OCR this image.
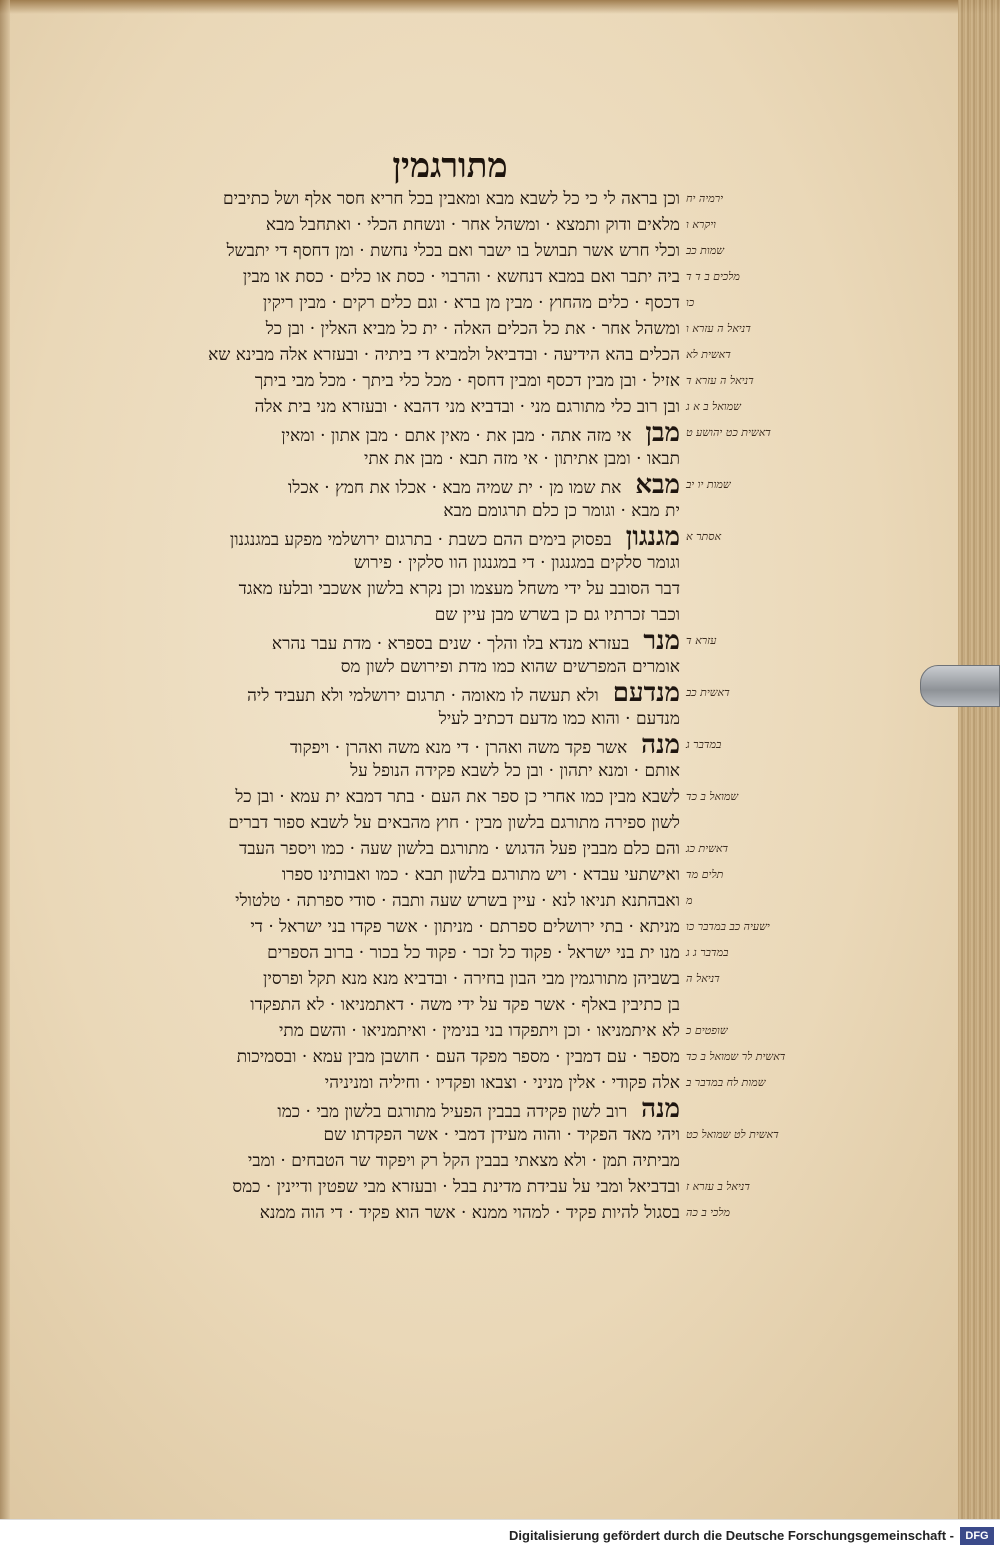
מתורגמין
וכן בראה לי כי כל לשבא מבא ומאבין בכל חריא חסר אלף ושל כתיבים
מלאים ודוק ותמצא · ומשהל אחר · ונשחת הכלי · ואתחבל מבא
וכלי חרש אשר תבושל בו ישבר ואם בכלי נחשת · ומן דחסף די יתבשל
ביה יתבר ואם במבא דנחשא · והרבוי · כסת או כלים · כסת או מבין
דכסף · כלים מהחוץ · מבין מן ברא · וגם כלים רקים · מבין ריקין
ומשהל אחר · את כל הכלים האלה · ית כל מביא האלין · ובן כל
הכלים בהא הידיעה · ובדביאל ולמביא די ביתיה · ובעזרא אלה מבינא שא
אזיל · ובן מבין דכסף ומבין דחסף · מכל כלי ביתך · מכל מבי ביתך
ובן רוב כלי מתורגם מני · ובדביא מני דהבא · ובעזרא מני בית אלה
מבןאי מזה אתה · מבן את · מאין אתם · מבן אתון · ומאין
תבאו · ומבן אתיתון · אי מזה תבא · מבן את אתי
מבאאת שמו מן · ית שמיה מבא · אכלו את חמץ · אכלו
ית מבא · וגומר כן כלם תרגומם מבא
מגנגוןבפסוק בימים ההם כשבת · בתרגום ירושלמי מפקע במגנגנון
וגומר סלקים במגנגון · די במגנגון הוו סלקין · פירוש
דבר הסובב על ידי משחל מעצמו וכן נקרא בלשון אשכבי ובלעז מאגד
וכבר זכרתיו גם כן בשרש מבן עיין שם
מנרבעזרא מנדא בלו והלך · שנים בספרא · מדת עבר נהרא
אומרים המפרשים שהוא כמו מדת ופירושם לשון מס
מנדעםולא תעשה לו מאומה · תרגום ירושלמי ולא תעביד ליה
מנדעם · והוא כמו מדעם דכתיב לעיל
מנהאשר פקד משה ואהרן · די מנא משה ואהרן · ויפקוד
אותם · ומנא יתהון · ובן כל לשבא פקידה הנופל על
לשבא מבין כמו אחרי כן ספר את העם · בתר דמבא ית עמא · ובן כל
לשון ספירה מתורגם בלשון מבין · חוץ מהבאים על לשבא ספור דברים
והם כלם מבבין פעל הדגוש · מתורגם בלשון שעה · כמו ויספר העבד
ואישתעי עבדא · ויש מתורגם בלשון תבא · כמו ואבותינו ספרו
ואבהתנא תניאו לנא · עיין בשרש שעה ותבה · סודי ספרתה · טלטולי
מניתא · בתי ירושלים ספרתם · מניתון · אשר פקדו בני ישראל · די
מנו ית בני ישראל · פקוד כל זכר · פקוד כל בכור · ברוב הספרים
בשביהן מתורגמין מבי הבון בחירה · ובדביא מנא מנא תקל ופרסין
בן כתיבין באלף · אשר פקד על ידי משה · דאתמניאו · לא התפקדו
לא איתמניאו · וכן ויתפקדו בני בנימין · ואיתמניאו · והשם מתי
מספר · עם דמבין · מספר מפקד העם · חושבן מבין עמא · ובסמיכות
אלה פקודי · אלין מניני · וצבאו ופקדיו · וחיליה ומניניהי
מנהרוב לשון פקידה בבבין הפעיל מתורגם בלשון מבי · כמו
ויהי מאד הפקיד · והוה מעידן דמבי · אשר הפקדתו שם
מביתיה תמן · ולא מצאתי בבבין הקל רק ויפקוד שר הטבחים · ומבי
ובדביאל ומבי על עבידת מדינת בבל · ובעזרא מבי שפטין ודיינין · כמס
בסגול להיות פקיד · למהוי ממנא · אשר הוא פקיד · די הוה ממנא
ירמיה יח
ויקרא ו
שמות כב
מלכים ב ד ד
כו
דניאל ה עזרא ו
דאשית לא
דניאל ה עזרא ד
שמואל ב א ג
דאשית כט יהושע ט
שמות יו יב
אסתר א
עזרא ד
דאשית כב
במדבר ג
שמואל ב כד
דאשית כג
תלים מד
מ
ישעיה כב במדבר כו
במדבר ג ג
דניאל ה
שופטים כ
דאשית לר שמואל ב כד
שמות לח במדבר ב
דאשית לט שמואל כט
דניאל ב עזרא ז
מלכי ב כה
Digitalisierung gefördert durch die Deutsche Forschungsgemeinschaft -	DFG
